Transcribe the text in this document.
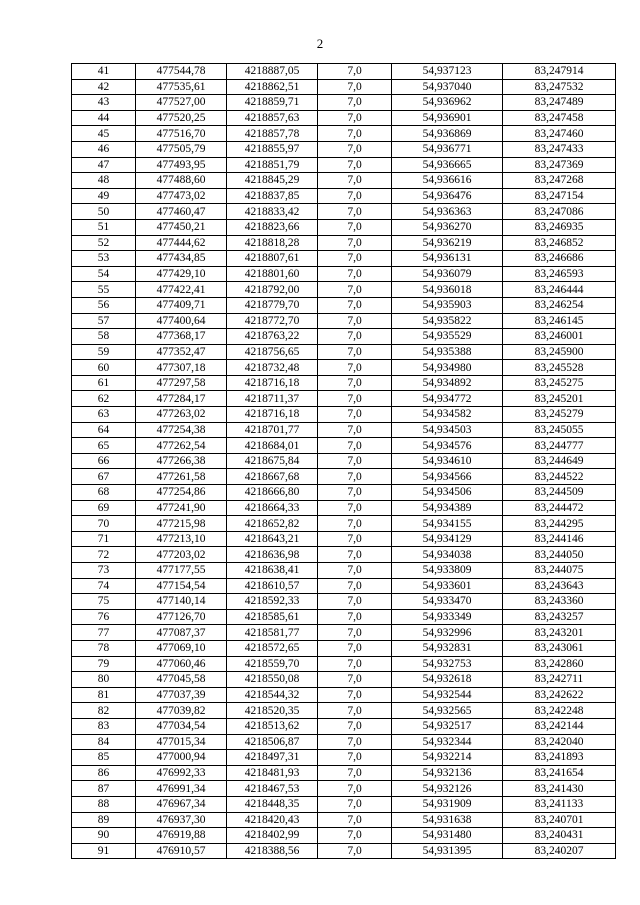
2
41	477544,78	4218887,05	7,0	54,937123	83,247914
42	477535,61	4218862,51	7,0	54,937040	83,247532
43	477527,00	4218859,71	7,0	54,936962	83,247489
44	477520,25	4218857,63	7,0	54,936901	83,247458
45	477516,70	4218857,78	7,0	54,936869	83,247460
46	477505,79	4218855,97	7,0	54,936771	83,247433
47	477493,95	4218851,79	7,0	54,936665	83,247369
48	477488,60	4218845,29	7,0	54,936616	83,247268
49	477473,02	4218837,85	7,0	54,936476	83,247154
50	477460,47	4218833,42	7,0	54,936363	83,247086
51	477450,21	4218823,66	7,0	54,936270	83,246935
52	477444,62	4218818,28	7,0	54,936219	83,246852
53	477434,85	4218807,61	7,0	54,936131	83,246686
54	477429,10	4218801,60	7,0	54,936079	83,246593
55	477422,41	4218792,00	7,0	54,936018	83,246444
56	477409,71	4218779,70	7,0	54,935903	83,246254
57	477400,64	4218772,70	7,0	54,935822	83,246145
58	477368,17	4218763,22	7,0	54,935529	83,246001
59	477352,47	4218756,65	7,0	54,935388	83,245900
60	477307,18	4218732,48	7,0	54,934980	83,245528
61	477297,58	4218716,18	7,0	54,934892	83,245275
62	477284,17	4218711,37	7,0	54,934772	83,245201
63	477263,02	4218716,18	7,0	54,934582	83,245279
64	477254,38	4218701,77	7,0	54,934503	83,245055
65	477262,54	4218684,01	7,0	54,934576	83,244777
66	477266,38	4218675,84	7,0	54,934610	83,244649
67	477261,58	4218667,68	7,0	54,934566	83,244522
68	477254,86	4218666,80	7,0	54,934506	83,244509
69	477241,90	4218664,33	7,0	54,934389	83,244472
70	477215,98	4218652,82	7,0	54,934155	83,244295
71	477213,10	4218643,21	7,0	54,934129	83,244146
72	477203,02	4218636,98	7,0	54,934038	83,244050
73	477177,55	4218638,41	7,0	54,933809	83,244075
74	477154,54	4218610,57	7,0	54,933601	83,243643
75	477140,14	4218592,33	7,0	54,933470	83,243360
76	477126,70	4218585,61	7,0	54,933349	83,243257
77	477087,37	4218581,77	7,0	54,932996	83,243201
78	477069,10	4218572,65	7,0	54,932831	83,243061
79	477060,46	4218559,70	7,0	54,932753	83,242860
80	477045,58	4218550,08	7,0	54,932618	83,242711
81	477037,39	4218544,32	7,0	54,932544	83,242622
82	477039,82	4218520,35	7,0	54,932565	83,242248
83	477034,54	4218513,62	7,0	54,932517	83,242144
84	477015,34	4218506,87	7,0	54,932344	83,242040
85	477000,94	4218497,31	7,0	54,932214	83,241893
86	476992,33	4218481,93	7,0	54,932136	83,241654
87	476991,34	4218467,53	7,0	54,932126	83,241430
88	476967,34	4218448,35	7,0	54,931909	83,241133
89	476937,30	4218420,43	7,0	54,931638	83,240701
90	476919,88	4218402,99	7,0	54,931480	83,240431
91	476910,57	4218388,56	7,0	54,931395	83,240207
